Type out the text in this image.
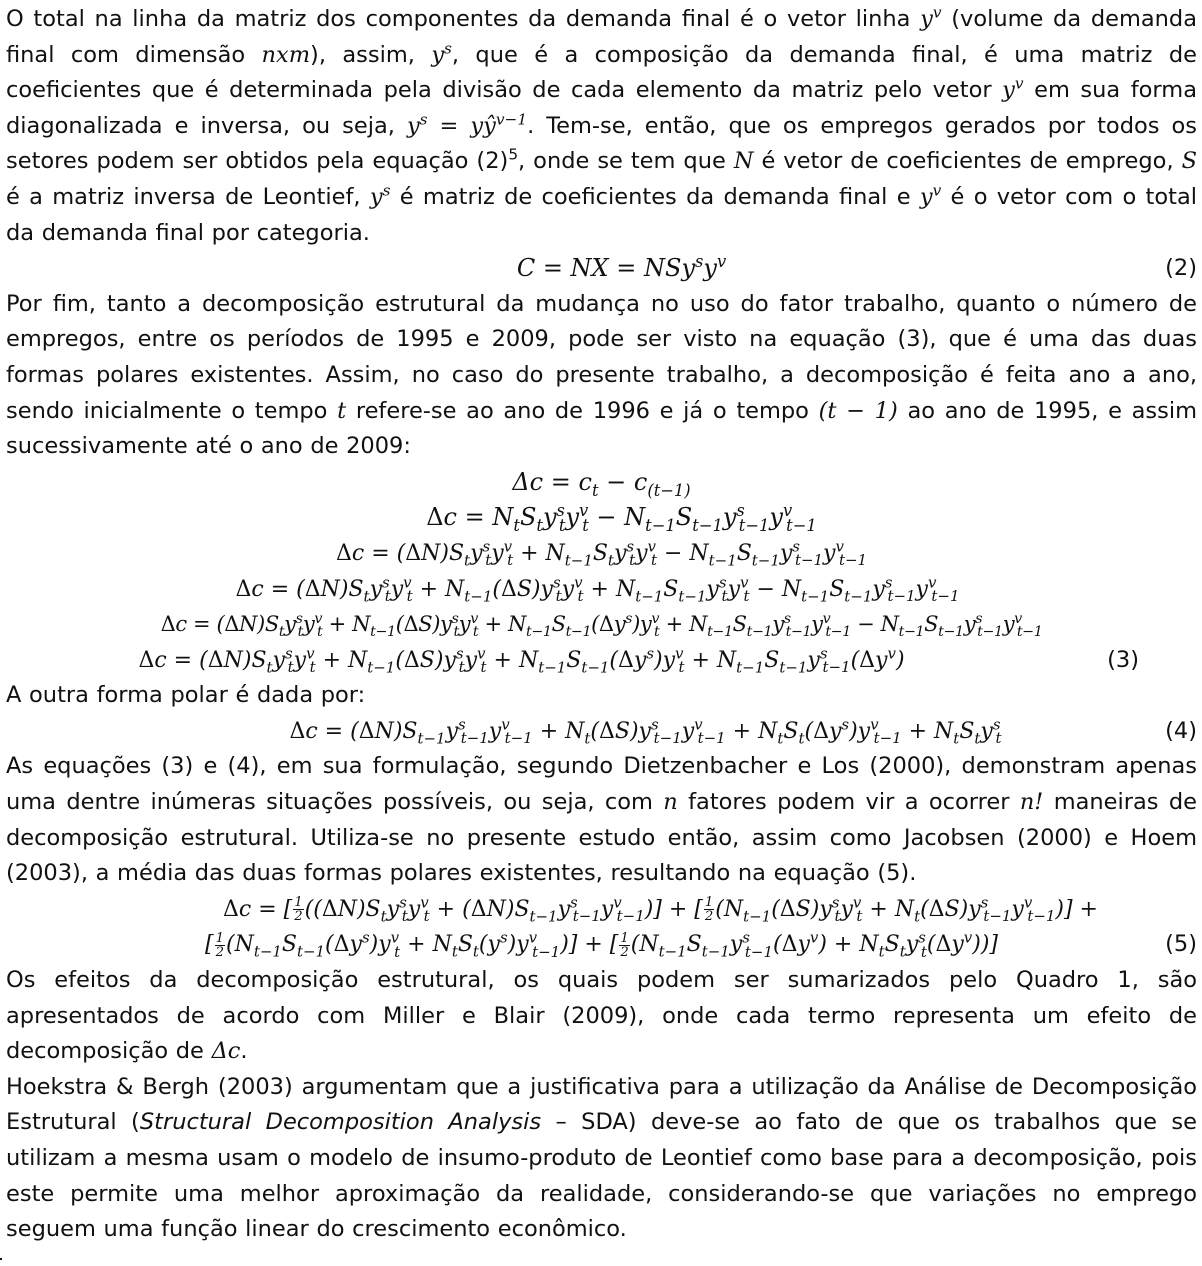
O total na linha da matriz dos componentes da demanda final é o vetor linha $y^v$ (volume da demanda final com dimensão nxm), assim, $y^s$, que é a composição da demanda final, é uma matriz de coeficientes que é determinada pela divisão de cada elemento da matriz pelo vetor $y^v$ em sua forma diagonalizada e inversa, ou seja, $y^s$ = $yŷ^{v-1}$. Tem-se, então, que os empregos gerados por todos os setores podem ser obtidos pela equação $(2)^5$, onde se tem que N é vetor de coeficientes de emprego, S é a matriz inversa de Leontief, $y^s$ é matriz de coeficientes da demanda final e $y^v$ é o vetor com o total da demanda final por categoria.

C = NX = $NSy^sy^v$	(2)

Por fim, tanto a decomposição estrutural da mudança no uso do fator trabalho, quanto o número de empregos, entre os períodos de 1995 e 2009, pode ser visto na equação (3), que é uma das duas formas polares existentes. Assim, no caso do presente trabalho, a decomposição é feita ano a ano, sendo inicialmente o tempo t refere-se ao ano de 1996 e já o tempo (t − 1) ao ano de 1995, e assim sucessivamente até o ano de 2009:

$\Delta c = c_t - c_{(t-1)}$
$\Delta c = N_tS_ty^s_ty^v_t - N_{t-1}S_{t-1}y^s_{t-1}y^v_{t-1}$
$\Delta c = (\Delta N)S_ty^s_ty^v_t + N_{t-1}S_ty^s_ty^v_t - N_{t-1}S_{t-1}y^s_{t-1}y^v_{t-1}$
$\Delta c = (\Delta N)S_ty^s_ty^v_t + N_{t-1}(\Delta S)y^s_ty^v_t + N_{t-1}S_{t-1}y^s_ty^v_t - N_{t-1}S_{t-1}y^s_{t-1}y^v_{t-1}$
$\Delta c = (\Delta N)S_ty^s_ty^v_t + N_{t-1}(\Delta S)y^s_ty^v_t + N_{t-1}S_{t-1}(\Delta y^s)y^v_t + N_{t-1}S_{t-1}y^s_{t-1}y^v_{t-1} - N_{t-1}S_{t-1}y^s_{t-1}y^v_{t-1}$
$\Delta c = (\Delta N)S_ty^s_ty^v_t + N_{t-1}(\Delta S)y^s_ty^v_t + N_{t-1}S_{t-1}(\Delta y^s)y^v_t + N_{t-1}S_{t-1}y^s_{t-1}(\Delta y^v)$	(3)

A outra forma polar é dada por:

$\Delta c = (\Delta N)S_{t-1}y^s_{t-1}y^v_{t-1} + N_t(\Delta S)y^s_{t-1}y^v_{t-1} + N_tS_t(\Delta y^s)y^v_{t-1} + N_tS_ty^s_t$	(4)

As equações (3) e (4), em sua formulação, segundo Dietzenbacher e Los (2000), demonstram apenas uma dentre inúmeras situações possíveis, ou seja, com n fatores podem vir a ocorrer n! maneiras de decomposição estrutural. Utiliza-se no presente estudo então, assim como Jacobsen (2000) e Hoem (2003), a média das duas formas polares existentes, resultando na equação (5).

Δc = [ $\frac{1}{2} ((\Delta N)S_ty^s_ty^v_t + (\Delta N)S_{t-1}y^s_{t-1}y^v_{t-1})$] + [ $\frac{1}{2} (N_{t-1}(\Delta S)y^s_ty^v_t + N_t(\Delta S)y^s_{t-1}y^v_{t-1})$] +
[ $\frac{1}{2} (N_{t-1}S_{t-1}(\Delta y^s)y^v_t + N_tS_t(y^s)y^v_{t-1})$] + [ $\frac{1}{2} (N_{t-1}S_{t-1}y^s_{t-1}(\Delta y^v) + N_tS_ty^s_t(\Delta y^v))$]	(5)

Os efeitos da decomposição estrutural, os quais podem ser sumarizados pelo Quadro 1, são apresentados de acordo com Miller e Blair (2009), onde cada termo representa um efeito de decomposição de Δc.

Hoekstra & Bergh (2003) argumentam que a justificativa para a utilização da Análise de Decomposição Estrutural (Structural Decomposition Analysis – SDA) deve-se ao fato de que os trabalhos que se utilizam a mesma usam o modelo de insumo-produto de Leontief como base para a decomposição, pois este permite uma melhor aproximação da realidade, considerando-se que variações no emprego seguem uma função linear do crescimento econômico.
